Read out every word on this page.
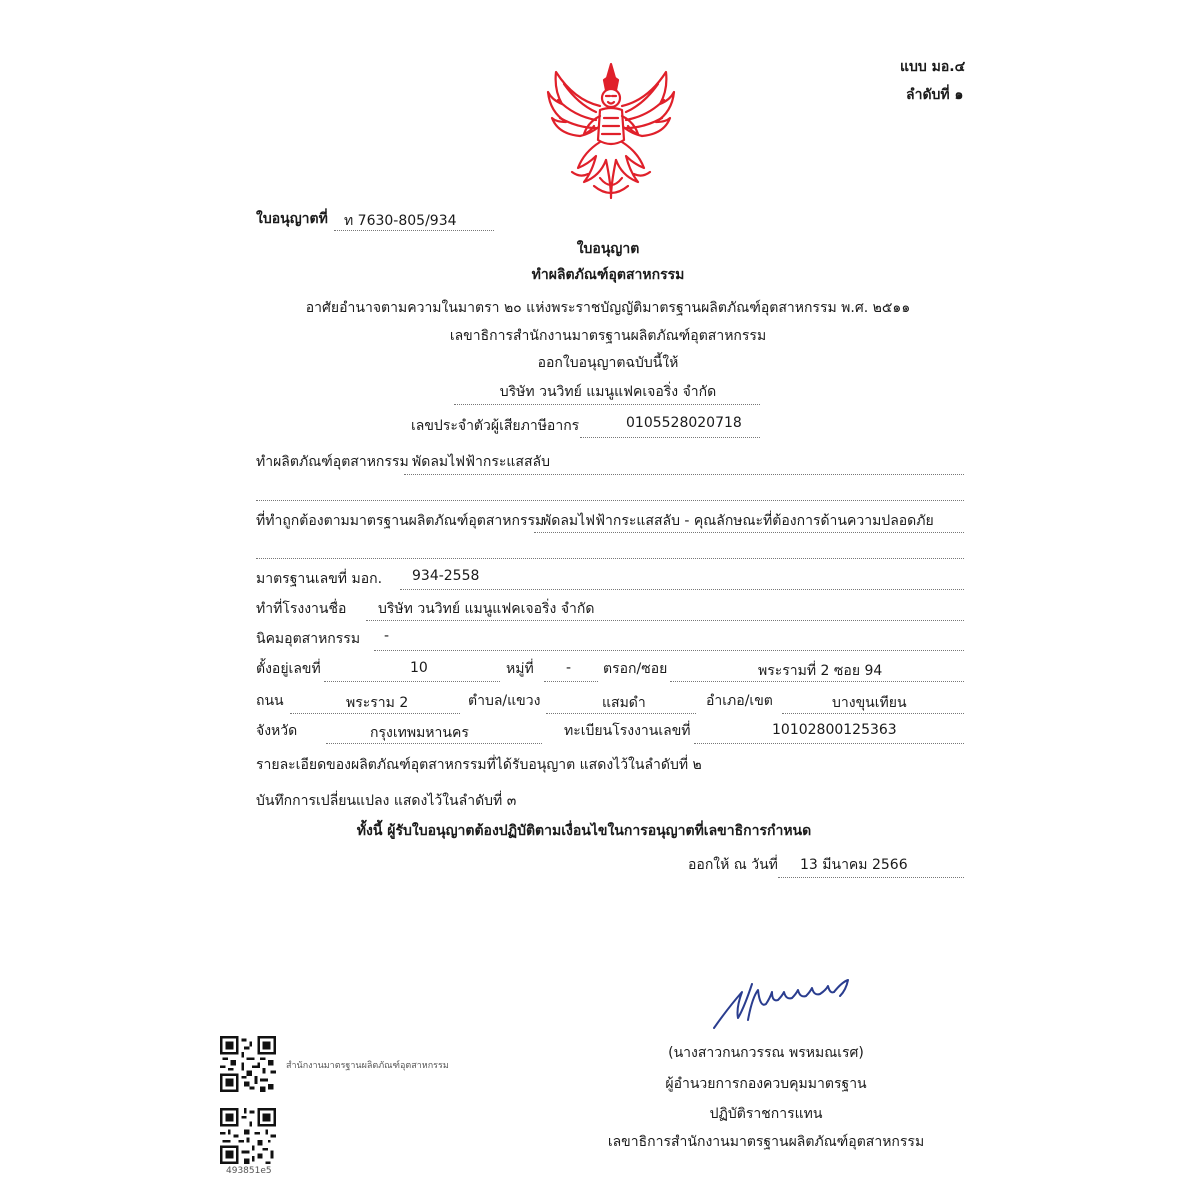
แบบ มอ.๔
ลำดับที่ ๑
ใบอนุญาตที่ ท 7630-805/934
ใบอนุญาต
ทำผลิตภัณฑ์อุตสาหกรรม
อาศัยอำนาจตามความในมาตรา ๒๐ แห่งพระราชบัญญัติมาตรฐานผลิตภัณฑ์อุตสาหกรรม พ.ศ. ๒๕๑๑
เลขาธิการสำนักงานมาตรฐานผลิตภัณฑ์อุตสาหกรรม
ออกใบอนุญาตฉบับนี้ให้
บริษัท วนวิทย์ แมนูแฟคเจอริ่ง จำกัด
เลขประจำตัวผู้เสียภาษีอากร	0105528020718
ทำผลิตภัณฑ์อุตสาหกรรม พัดลมไฟฟ้ากระแสสลับ
ที่ทำถูกต้องตามมาตรฐานผลิตภัณฑ์อุตสาหกรรม
พัดลมไฟฟ้ากระแสสลับ - คุณลักษณะที่ต้องการด้านความปลอดภัย
มาตรฐานเลขที่ มอก. 934-2558
ทำที่โรงงานชื่อ บริษัท วนวิทย์ แมนูแฟคเจอริ่ง จำกัด
นิคมอุตสาหกรรม -
ตั้งอยู่เลขที่	10	หมู่ที่ - ตรอก/ซอย	พระรามที่ 2 ซอย 94
ถนน	พระราม 2	ตำบล/แขวง	แสมดำ	อำเภอ/เขต	บางขุนเทียน
จังหวัด	กรุงเทพมหานคร	ทะเบียนโรงงานเลขที่	10102800125363
รายละเอียดของผลิตภัณฑ์อุตสาหกรรมที่ได้รับอนุญาต แสดงไว้ในลำดับที่ ๒
บันทึกการเปลี่ยนแปลง แสดงไว้ในลำดับที่ ๓
ทั้งนี้ ผู้รับใบอนุญาตต้องปฏิบัติตามเงื่อนไขในการอนุญาตที่เลขาธิการกำหนด
ออกให้ ณ วันที่ 13 มีนาคม 2566
(นางสาวกนกวรรณ พรหมณเรศ)
ผู้อำนวยการกองควบคุมมาตรฐาน
ปฏิบัติราชการแทน
เลขาธิการสำนักงานมาตรฐานผลิตภัณฑ์อุตสาหกรรม
สำนักงานมาตรฐานผลิตภัณฑ์อุตสาหกรรม
493851e5
